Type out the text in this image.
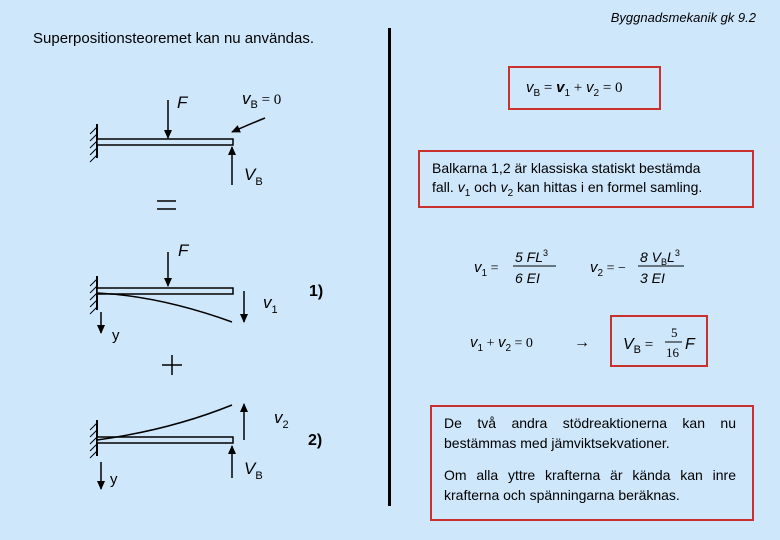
Byggnadsmekanik gk 9.2
Superpositionsteoremet kan nu användas.
F	$v_B = 0$
$V_B$
F
1)
$v_1$
y
$v_2$
2)
$V_B$
y
$v_1$ =
5 $FL^3$
6 EI
$v_2$ = −
8 $V_BL^3$
3 EI
$v_1 + v_2 = 0$	→
$v_B = v_1 + v_2 = 0$

Balkarna 1,2 är klassiska statiskt bestämda

fall. $v_1$ och $v_2$ kan hittas i en formel samling.

$V_B$ =
5
16 F

De två andra stödreaktionerna kan nu bestämmas med jämviktsekvationer.

Om alla yttre krafterna är kända kan inre krafterna och spänningarna beräknas.
